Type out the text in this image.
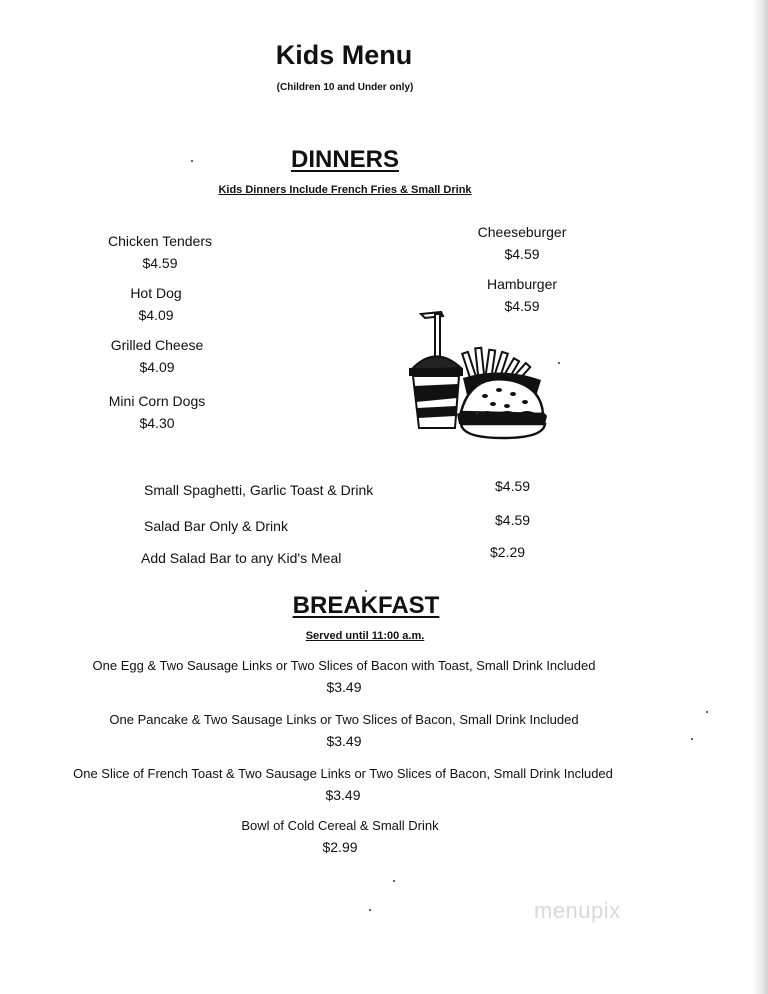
Kids Menu
(Children 10 and Under only)
DINNERS
Kids Dinners Include French Fries & Small Drink
Chicken Tenders
$4.59
Hot Dog
$4.09
Grilled Cheese
$4.09
Mini Corn Dogs
$4.30
Cheeseburger
$4.59
Hamburger
$4.59
Small Spaghetti, Garlic Toast & Drink	$4.59
Salad Bar Only & Drink	$4.59
Add Salad Bar to any Kid's Meal	$2.29
BREAKFAST
Served until 11:00 a.m.
One Egg & Two Sausage Links or Two Slices of Bacon with Toast, Small Drink Included
$3.49
One Pancake & Two Sausage Links or Two Slices of Bacon, Small Drink Included
$3.49
One Slice of French Toast & Two Sausage Links or Two Slices of Bacon, Small Drink Included
$3.49
Bowl of Cold Cereal & Small Drink
$2.99
menupix
